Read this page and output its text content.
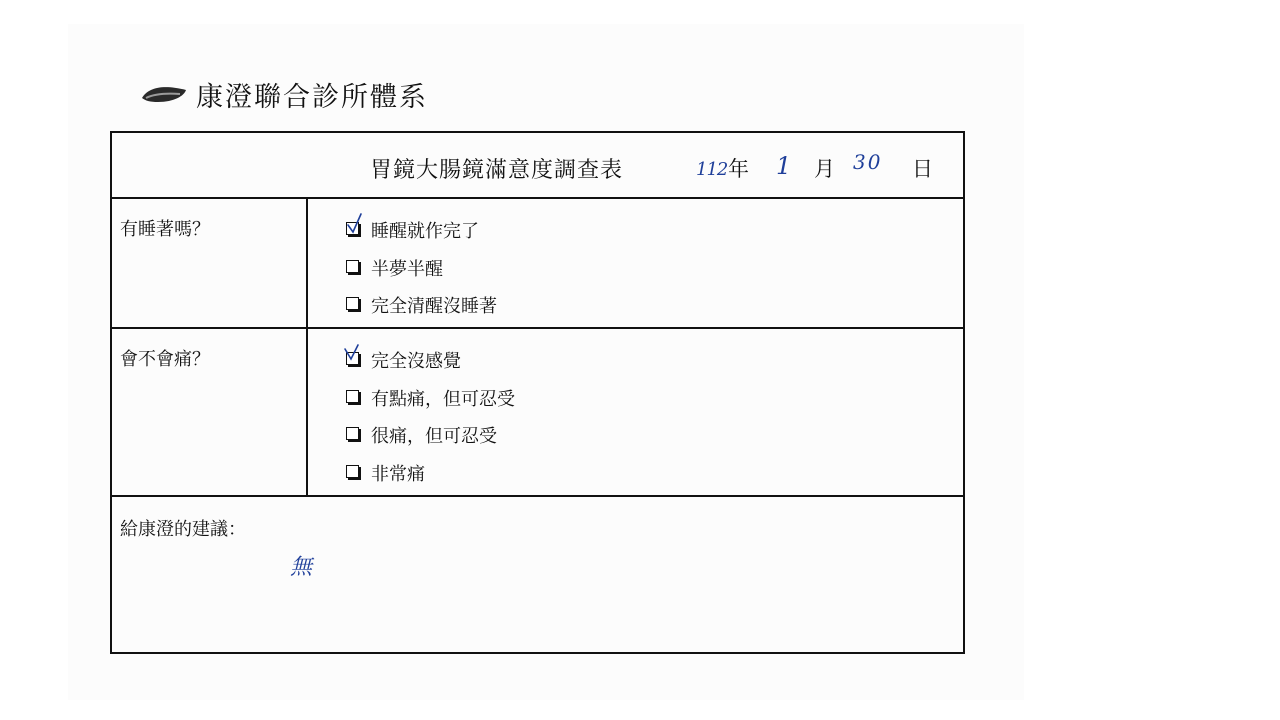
康澄聯合診所體系
胃鏡大腸鏡滿意度調查表	112 年 1 月 30 日
有睡著嗎？	睡醒就作完了
半夢半醒
完全清醒沒睡著
會不會痛？	完全沒感覺
有點痛，但可忍受
很痛，但可忍受
非常痛
給康澄的建議：
無
